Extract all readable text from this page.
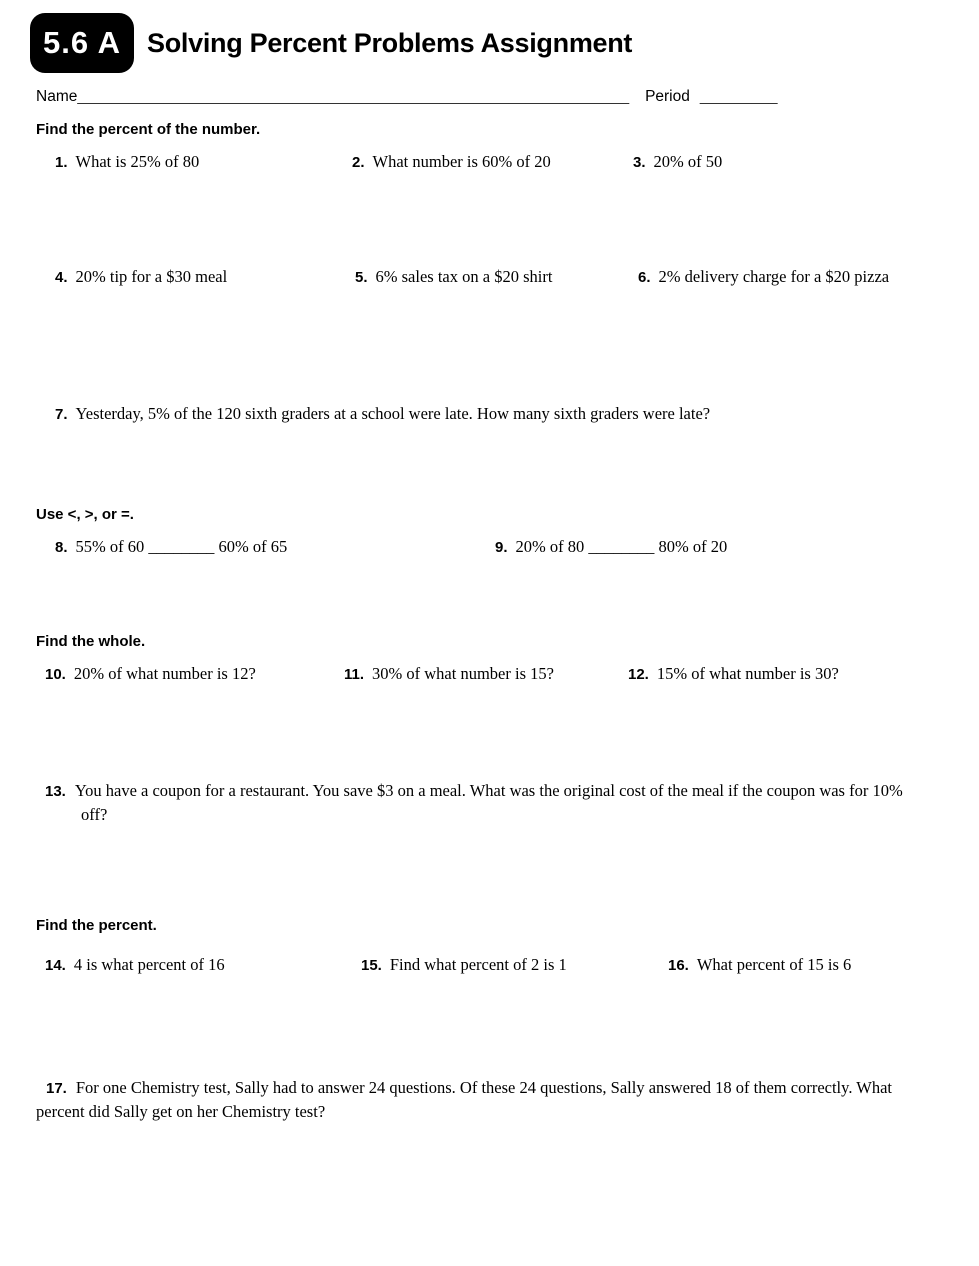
5.6 A Solving Percent Problems Assignment
Name________________________________________________________________ Period _________
Find the percent of the number.
1. What is 25% of 80	2. What number is 60% of 20	3. 20% of 50
4. 20% tip for a $30 meal	5. 6% sales tax on a $20 shirt	6. 2% delivery charge for a $20 pizza
7. Yesterday, 5% of the 120 sixth graders at a school were late. How many sixth graders were late?
Use <, >, or =.
8. 55% of 60 ________ 60% of 65	9. 20% of 80 ________ 80% of 20
Find the whole.
10. 20% of what number is 12?	11. 30% of what number is 15?	12. 15% of what number is 30?
13. You have a coupon for a restaurant. You save $3 on a meal. What was the original cost of the meal if the coupon was for 10% off?
Find the percent.
14. 4 is what percent of 16	15. Find what percent of 2 is 1	16. What percent of 15 is 6
17. For one Chemistry test, Sally had to answer 24 questions. Of these 24 questions, Sally answered 18 of them correctly. What percent did Sally get on her Chemistry test?
